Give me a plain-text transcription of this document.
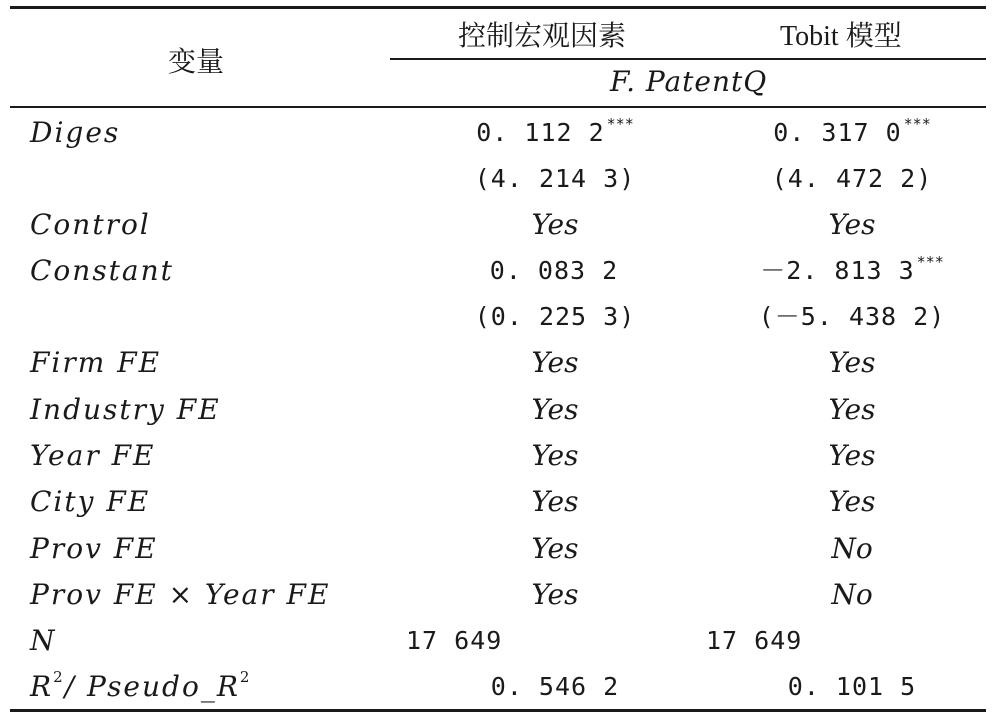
变量
控制宏观因素	Tobit 模型
F. PatentQ
Diges	0. 112 2 ***	0. 317 0 ***
(4. 214 3)	(4. 472 2)
Control	Yes	Yes
Constant	0. 083 2	－2. 813 3 ***
(0. 225 3)	(－5. 438 2)
Firm FE	Yes	Yes
Industry FE	Yes	Yes
Year FE	Yes	Yes
City FE	Yes	Yes
Prov FE	Yes	No
Prov FE × Year FE	Yes	No
N	17 649	17 649
$R^2/$ $Pseudo\_R^2$	0. 546 2	0. 101 5
